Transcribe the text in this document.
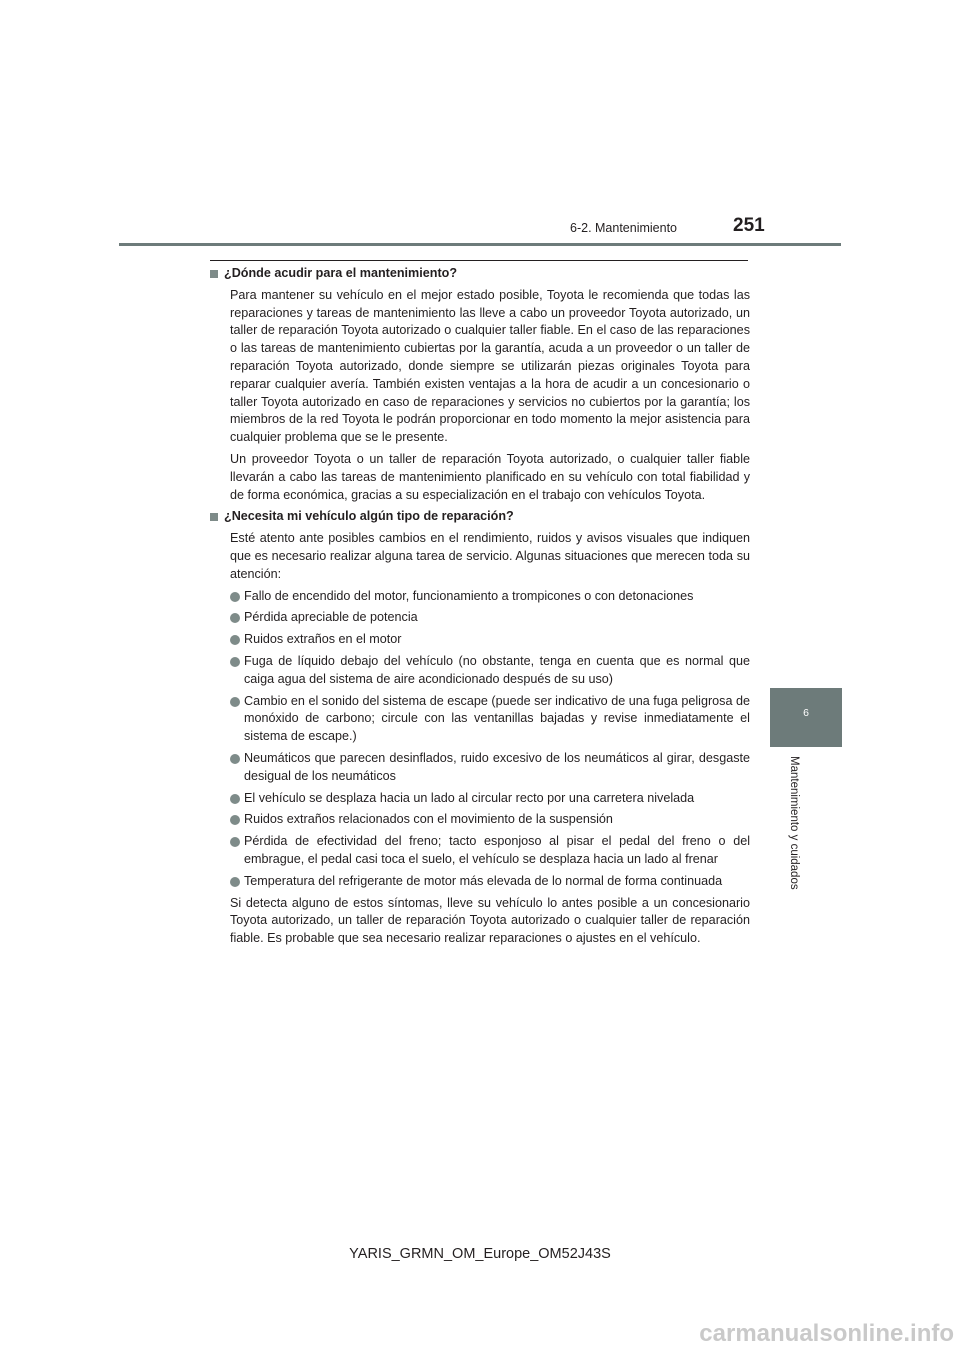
6-2. Mantenimiento	251
¿Dónde acudir para el mantenimiento?

Para mantener su vehículo en el mejor estado posible, Toyota le recomienda que todas las reparaciones y tareas de mantenimiento las lleve a cabo un proveedor Toyota autorizado, un taller de reparación Toyota autorizado o cualquier taller fiable. En el caso de las reparaciones o las tareas de mantenimiento cubiertas por la garantía, acuda a un proveedor o un taller de reparación Toyota autorizado, donde siempre se utilizarán piezas originales Toyota para reparar cualquier avería. También existen ventajas a la hora de acudir a un concesionario o taller Toyota autorizado en caso de reparaciones y servicios no cubiertos por la garantía; los miembros de la red Toyota le podrán proporcionar en todo momento la mejor asistencia para cualquier problema que se le presente.

Un proveedor Toyota o un taller de reparación Toyota autorizado, o cualquier taller fiable llevarán a cabo las tareas de mantenimiento planificado en su vehículo con total fiabilidad y de forma económica, gracias a su especialización en el trabajo con vehículos Toyota.

¿Necesita mi vehículo algún tipo de reparación?

Esté atento ante posibles cambios en el rendimiento, ruidos y avisos visuales que indiquen que es necesario realizar alguna tarea de servicio. Algunas situaciones que merecen toda su atención:

Fallo de encendido del motor, funcionamiento a trompicones o con detonaciones
Pérdida apreciable de potencia
Ruidos extraños en el motor
Fuga de líquido debajo del vehículo (no obstante, tenga en cuenta que es normal que caiga agua del sistema de aire acondicionado después de su uso)
Cambio en el sonido del sistema de escape (puede ser indicativo de una fuga peligrosa de monóxido de carbono; circule con las ventanillas bajadas y revise inmediatamente el sistema de escape.)
Neumáticos que parecen desinflados, ruido excesivo de los neumáticos al girar, desgaste desigual de los neumáticos
El vehículo se desplaza hacia un lado al circular recto por una carretera nivelada
Ruidos extraños relacionados con el movimiento de la suspensión
Pérdida de efectividad del freno; tacto esponjoso al pisar el pedal del freno o del embrague, el pedal casi toca el suelo, el vehículo se desplaza hacia un lado al frenar
Temperatura del refrigerante de motor más elevada de lo normal de forma continuada

Si detecta alguno de estos síntomas, lleve su vehículo lo antes posible a un concesionario Toyota autorizado, un taller de reparación Toyota autorizado o cualquier taller de reparación fiable. Es probable que sea necesario realizar reparaciones o ajustes en el vehículo.

6
Mantenimiento y cuidados
YARIS_GRMN_OM_Europe_OM52J43S
carmanualsonline.info
